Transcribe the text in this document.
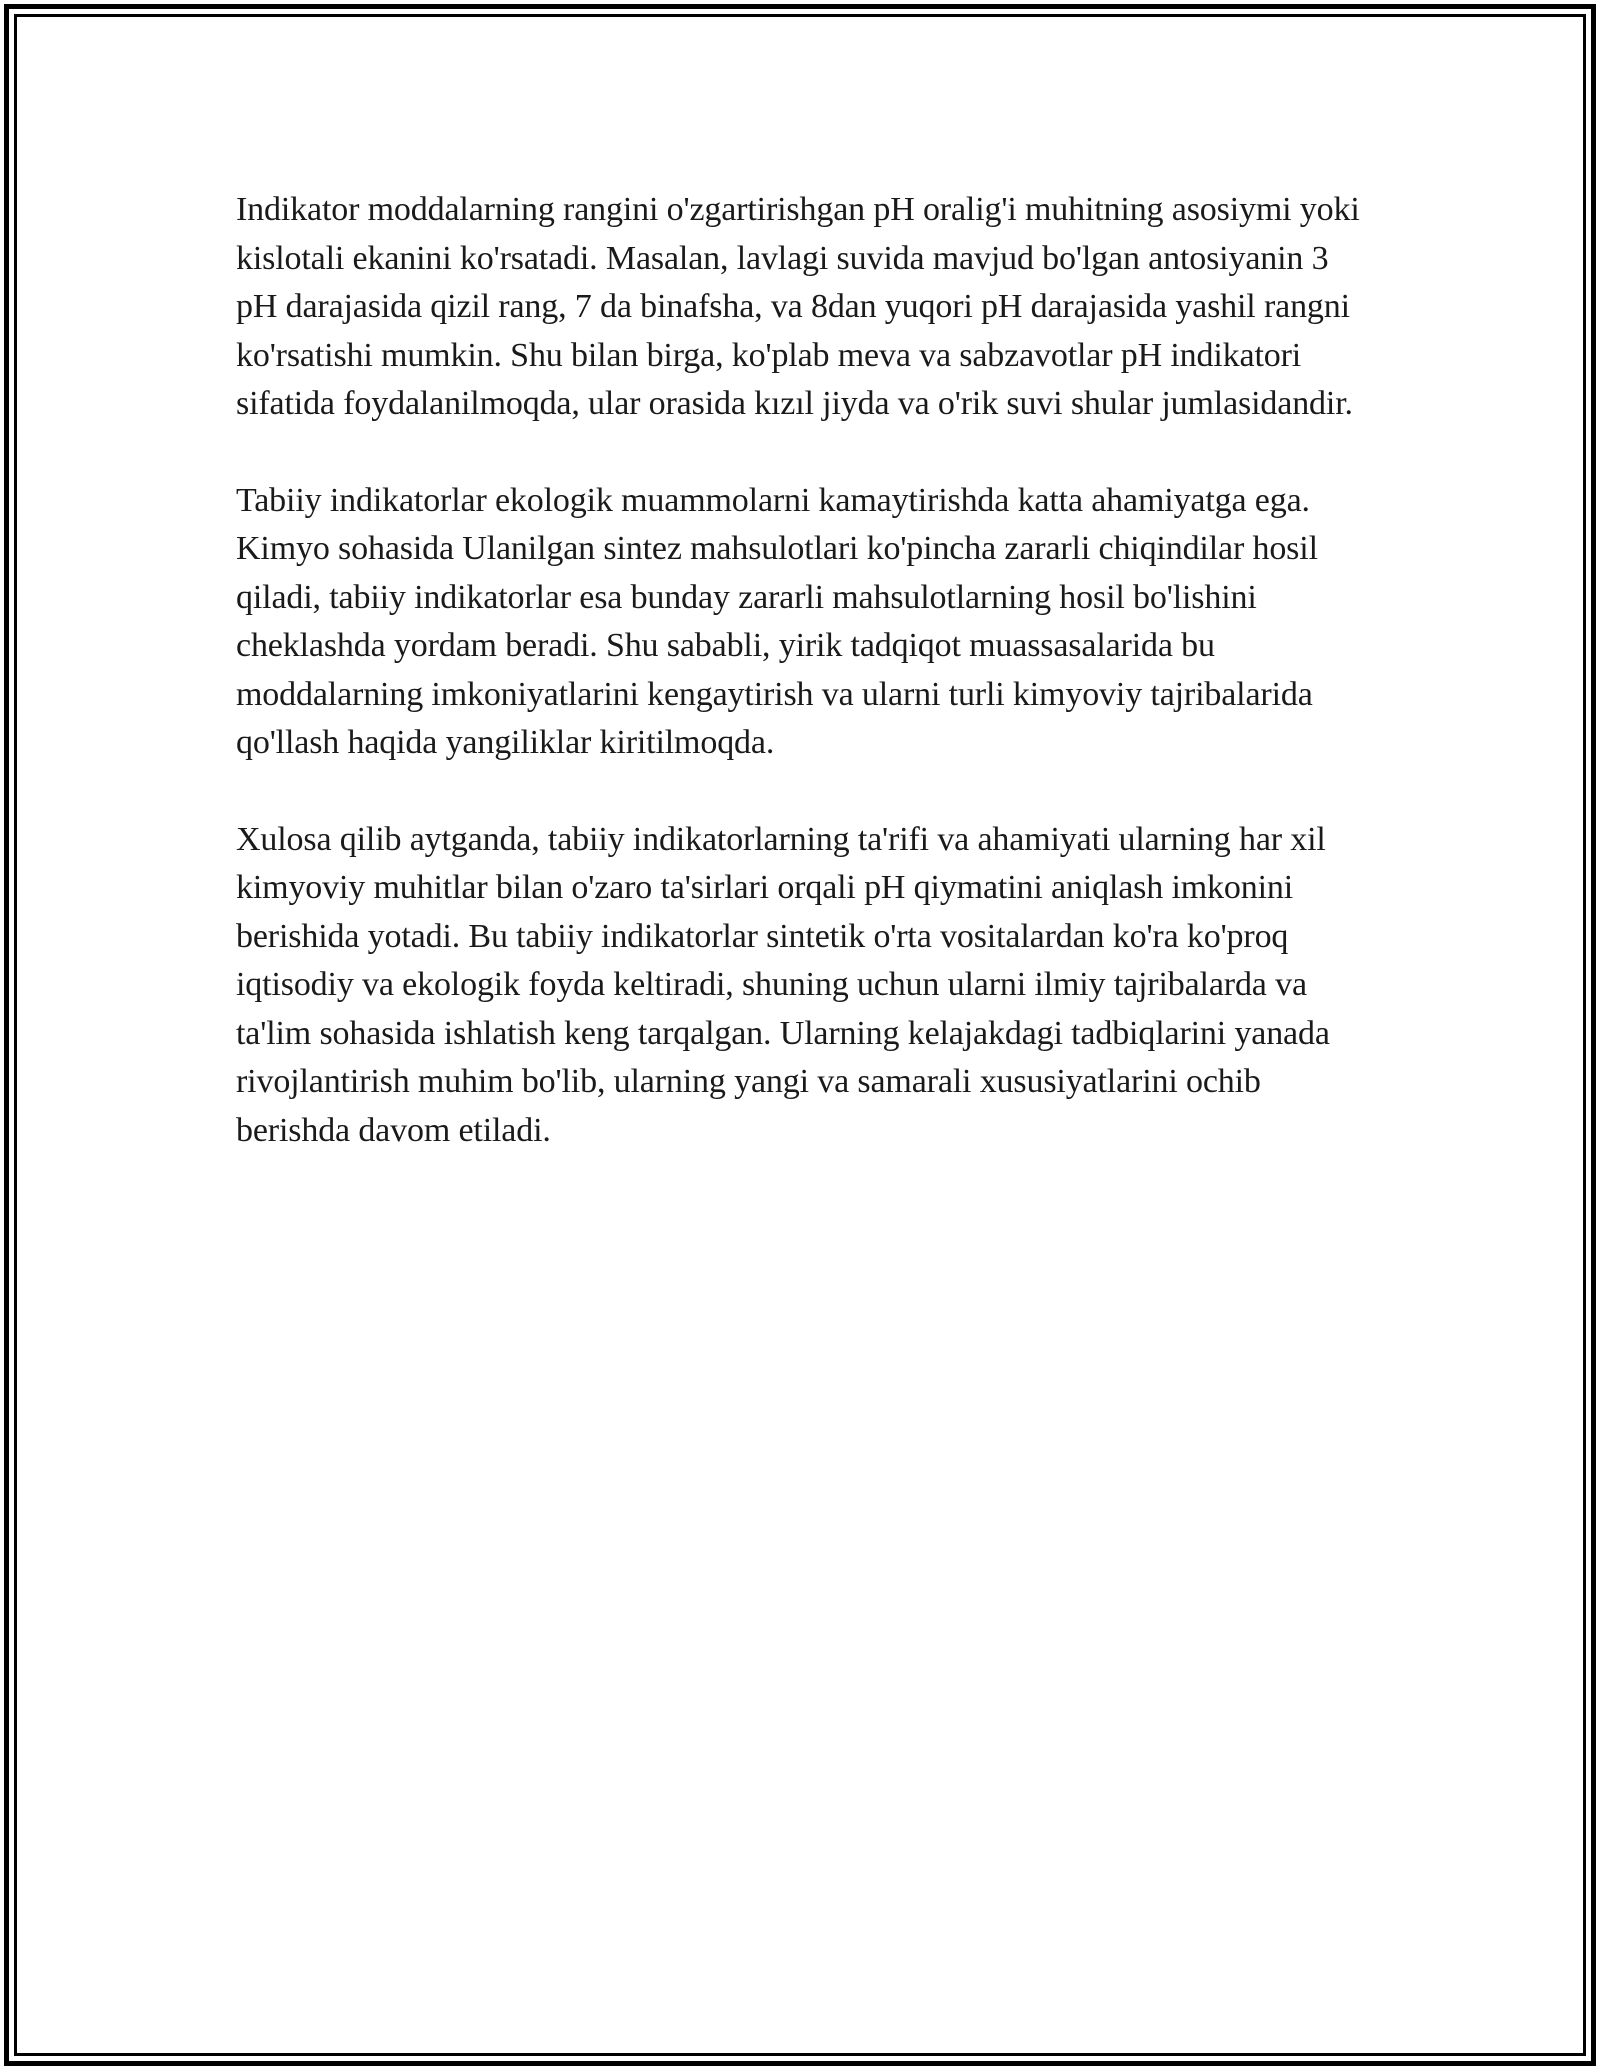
Indikator moddalarning rangini o'zgartirishgan pH oralig'i muhitning asosiymi yoki kislotali ekanini ko'rsatadi. Masalan, lavlagi suvida mavjud bo'lgan antosiyanin 3 pH darajasida qizil rang, 7 da binafsha, va 8dan yuqori pH darajasida yashil rangni ko'rsatishi mumkin. Shu bilan birga, ko'plab meva va sabzavotlar pH indikatori sifatida foydalanilmoqda, ular orasida kızıl jiyda va o'rik suvi shular jumlasidandir.

Tabiiy indikatorlar ekologik muammolarni kamaytirishda katta ahamiyatga ega. Kimyo sohasida Ulanilgan sintez mahsulotlari ko'pincha zararli chiqindilar hosil qiladi, tabiiy indikatorlar esa bunday zararli mahsulotlarning hosil bo'lishini cheklashda yordam beradi. Shu sababli, yirik tadqiqot muassasalarida bu moddalarning imkoniyatlarini kengaytirish va ularni turli kimyoviy tajribalarida qo'llash haqida yangiliklar kiritilmoqda.

Xulosa qilib aytganda, tabiiy indikatorlarning ta'rifi va ahamiyati ularning har xil kimyoviy muhitlar bilan o'zaro ta'sirlari orqali pH qiymatini aniqlash imkonini berishida yotadi. Bu tabiiy indikatorlar sintetik o'rta vositalardan ko'ra ko'proq iqtisodiy va ekologik foyda keltiradi, shuning uchun ularni ilmiy tajribalarda va ta'lim sohasida ishlatish keng tarqalgan. Ularning kelajakdagi tadbiqlarini yanada rivojlantirish muhim bo'lib, ularning yangi va samarali xususiyatlarini ochib berishda davom etiladi.
